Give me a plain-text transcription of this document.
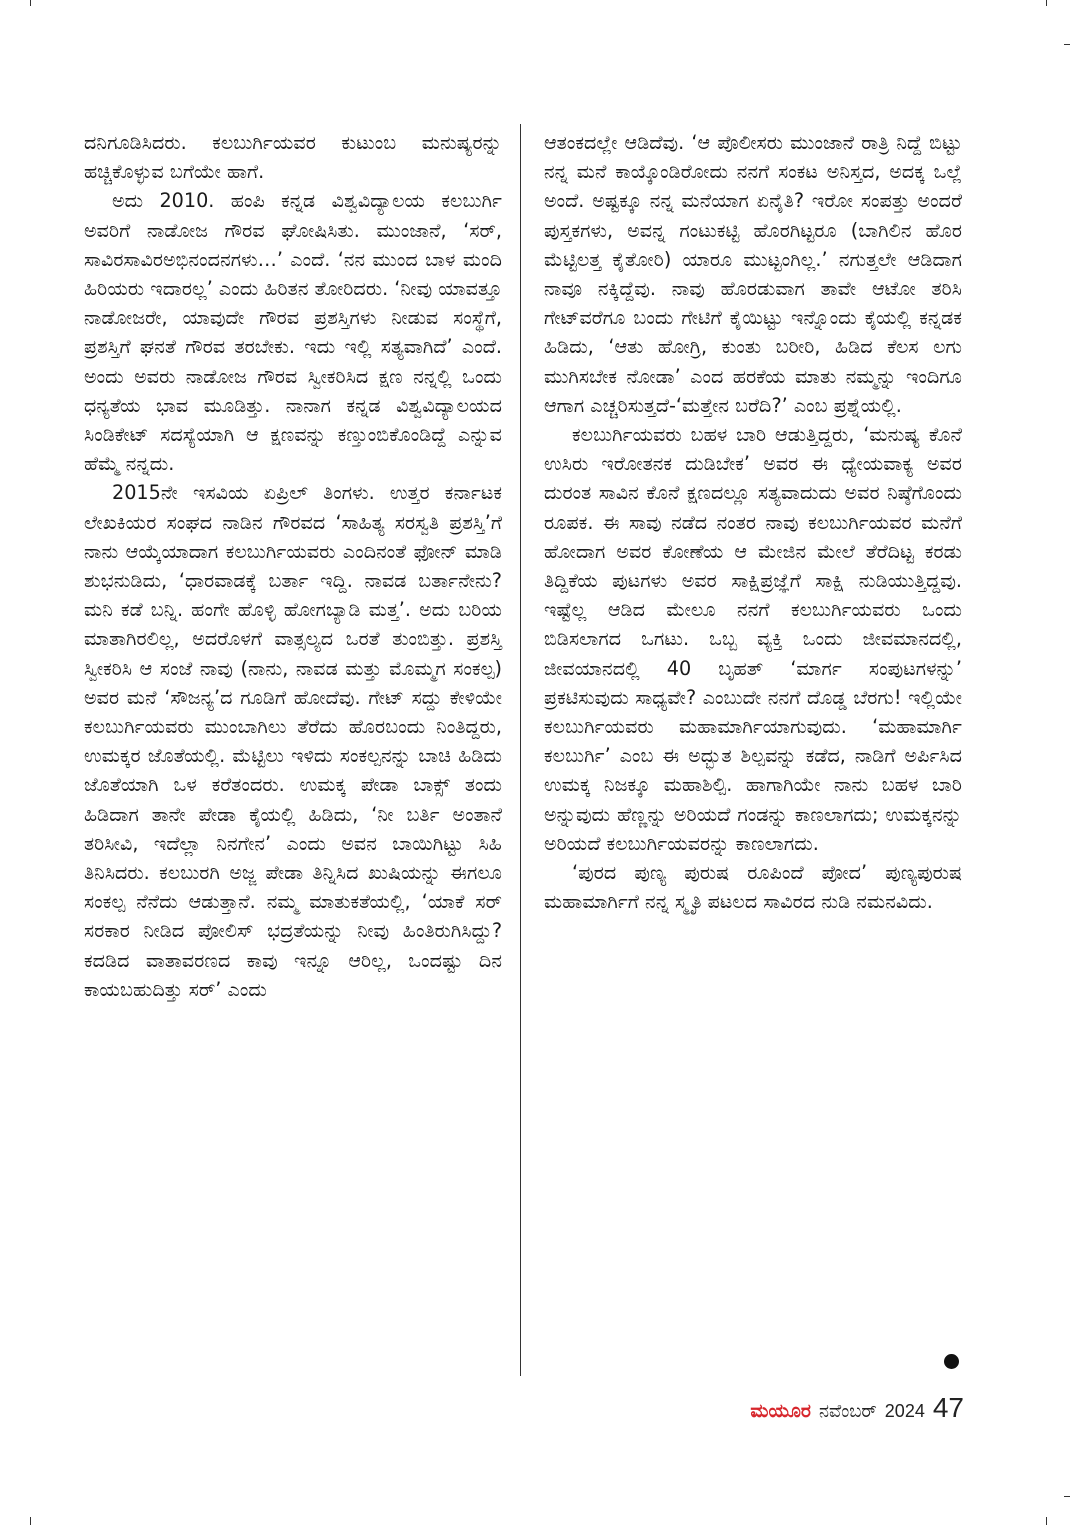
ದನಿಗೂಡಿಸಿದರು. ಕಲಬುರ್ಗಿಯವರ ಕುಟುಂಬ ಮನುಷ್ಯರನ್ನು ಹಚ್ಚಿಕೊಳ್ಳುವ ಬಗೆಯೇ ಹಾಗೆ.

ಅದು 2010. ಹಂಪಿ ಕನ್ನಡ ವಿಶ್ವವಿದ್ಯಾಲಯ ಕಲಬುರ್ಗಿ ಅವರಿಗೆ ನಾಡೋಜ ಗೌರವ ಘೋಷಿಸಿತು. ಮುಂಜಾನೆ, ‘ಸರ್, ಸಾವಿರಸಾವಿರಅಭಿನಂದನಗಳು…’ ಎಂದೆ. ‘ನನ ಮುಂದ ಬಾಳ ಮಂದಿ ಹಿರಿಯರು ಇದಾರಲ್ಲ’ ಎಂದು ಹಿರಿತನ ತೋರಿದರು. ‘ನೀವು ಯಾವತ್ತೂ ನಾಡೋಜರೇ, ಯಾವುದೇ ಗೌರವ ಪ್ರಶಸ್ತಿಗಳು ನೀಡುವ ಸಂಸ್ಥೆಗೆ, ಪ್ರಶಸ್ತಿಗೆ ಘನತೆ ಗೌರವ ತರಬೇಕು. ಇದು ಇಲ್ಲಿ ಸತ್ಯವಾಗಿದೆ’ ಎಂದೆ. ಅಂದು ಅವರು ನಾಡೋಜ ಗೌರವ ಸ್ವೀಕರಿಸಿದ ಕ್ಷಣ ನನ್ನಲ್ಲಿ ಒಂದು ಧನ್ಯತೆಯ ಭಾವ ಮೂಡಿತ್ತು. ನಾನಾಗ ಕನ್ನಡ ವಿಶ್ವವಿದ್ಯಾಲಯದ ಸಿಂಡಿಕೇಟ್ ಸದಸ್ಯೆಯಾಗಿ ಆ ಕ್ಷಣವನ್ನು ಕಣ್ತುಂಬಿಕೊಂಡಿದ್ದೆ ಎನ್ನುವ ಹೆಮ್ಮೆ ನನ್ನದು.

2015ನೇ ಇಸವಿಯ ಏಪ್ರಿಲ್ ತಿಂಗಳು. ಉತ್ತರ ಕರ್ನಾಟಕ ಲೇಖಕಿಯರ ಸಂಘದ ನಾಡಿನ ಗೌರವದ ‘ಸಾಹಿತ್ಯ ಸರಸ್ವತಿ ಪ್ರಶಸ್ತಿ’ಗೆ ನಾನು ಆಯ್ಕೆಯಾದಾಗ ಕಲಬುರ್ಗಿಯವರು ಎಂದಿನಂತೆ ಫೋನ್ ಮಾಡಿ ಶುಭನುಡಿದು, ‘ಧಾರವಾಡಕ್ಕೆ ಬರ್ತಾ ಇದ್ದಿ. ನಾವಡ ಬರ್ತಾನೇನು? ಮನಿ ಕಡೆ ಬನ್ನಿ. ಹಂಗೇ ಹೊಳ್ಳಿ ಹೋಗಬ್ಯಾಡಿ ಮತ್ತ’. ಅದು ಬರಿಯ ಮಾತಾಗಿರಲಿಲ್ಲ, ಅದರೊಳಗೆ ವಾತ್ಸಲ್ಯದ ಒರತೆ ತುಂಬಿತ್ತು. ಪ್ರಶಸ್ತಿ ಸ್ವೀಕರಿಸಿ ಆ ಸಂಜೆ ನಾವು (ನಾನು, ನಾವಡ ಮತ್ತು ಮೊಮ್ಮಗ ಸಂಕಲ್ಪ) ಅವರ ಮನೆ ‘ಸೌಜನ್ಯ’ದ ಗೂಡಿಗೆ ಹೋದೆವು. ಗೇಟ್ ಸದ್ದು ಕೇಳಿಯೇ ಕಲಬುರ್ಗಿಯವರು ಮುಂಬಾಗಿಲು ತೆರೆದು ಹೊರಬಂದು ನಿಂತಿದ್ದರು, ಉಮಕ್ಕರ ಜೊತೆಯಲ್ಲಿ. ಮೆಟ್ಟಿಲು ಇಳಿದು ಸಂಕಲ್ಪನನ್ನು ಬಾಚಿ ಹಿಡಿದು ಜೊತೆಯಾಗಿ ಒಳ ಕರೆತಂದರು. ಉಮಕ್ಕ ಪೇಡಾ ಬಾಕ್ಸ್ ತಂದು ಹಿಡಿದಾಗ ತಾನೇ ಪೇಡಾ ಕೈಯಲ್ಲಿ ಹಿಡಿದು, ‘ನೀ ಬರ್ತಿ ಅಂತಾನೆ ತರಿಸೀವಿ, ಇದೆಲ್ಲಾ ನಿನಗೇನ’ ಎಂದು ಅವನ ಬಾಯಿಗಿಟ್ಟು ಸಿಹಿ ತಿನಿಸಿದರು. ಕಲಬುರಗಿ ಅಜ್ಜ ಪೇಡಾ ತಿನ್ನಿಸಿದ ಖುಷಿಯನ್ನು ಈಗಲೂ ಸಂಕಲ್ಪ ನೆನೆದು ಆಡುತ್ತಾನೆ. ನಮ್ಮ ಮಾತುಕತೆಯಲ್ಲಿ, ‘ಯಾಕೆ ಸರ್ ಸರಕಾರ ನೀಡಿದ ಪೋಲಿಸ್ ಭದ್ರತೆಯನ್ನು ನೀವು ಹಿಂತಿರುಗಿಸಿದ್ದು? ಕದಡಿದ ವಾತಾವರಣದ ಕಾವು ಇನ್ನೂ ಆರಿಲ್ಲ, ಒಂದಷ್ಟು ದಿನ ಕಾಯಬಹುದಿತ್ತು ಸರ್’ ಎಂದು

ಆತಂಕದಲ್ಲೇ ಆಡಿದೆವು. ‘ಆ ಪೊಲೀಸರು ಮುಂಜಾನೆ ರಾತ್ರಿ ನಿದ್ದೆ ಬಿಟ್ಟು ನನ್ನ ಮನೆ ಕಾಯ್ಕೊಂಡಿರೋದು ನನಗೆ ಸಂಕಟ ಅನಿಸ್ತದ, ಅದಕ್ಕ ಒಲ್ಲೆ ಅಂದೆ. ಅಷ್ಟಕ್ಕೂ ನನ್ನ ಮನೆಯಾಗ ಏನೈತಿ? ಇರೋ ಸಂಪತ್ತು ಅಂದರೆ ಪುಸ್ತಕಗಳು, ಅವನ್ನ ಗಂಟುಕಟ್ಟಿ ಹೊರಗಿಟ್ಟರೂ (ಬಾಗಿಲಿನ ಹೊರ ಮೆಟ್ಟಿಲತ್ತ ಕೈತೋರಿ) ಯಾರೂ ಮುಟ್ಟಂಗಿಲ್ಲ.’ ನಗುತ್ತಲೇ ಆಡಿದಾಗ ನಾವೂ ನಕ್ಕಿದ್ದೆವು. ನಾವು ಹೊರಡುವಾಗ ತಾವೇ ಆಟೋ ತರಿಸಿ ಗೇಟ್‌ವರೆಗೂ ಬಂದು ಗೇಟಿಗೆ ಕೈಯಿಟ್ಟು ಇನ್ನೊಂದು ಕೈಯಲ್ಲಿ ಕನ್ನಡಕ ಹಿಡಿದು, ‘ಆತು ಹೋಗ್ರಿ, ಕುಂತು ಬರೀರಿ, ಹಿಡಿದ ಕೆಲಸ ಲಗು ಮುಗಿಸಬೇಕ ನೋಡಾ’ ಎಂದ ಹರಕೆಯ ಮಾತು ನಮ್ಮನ್ನು ಇಂದಿಗೂ ಆಗಾಗ ಎಚ್ಚರಿಸುತ್ತದೆ-‘ಮತ್ತೇನ ಬರೆದಿ?’ ಎಂಬ ಪ್ರಶ್ನೆಯಲ್ಲಿ.

ಕಲಬುರ್ಗಿಯವರು ಬಹಳ ಬಾರಿ ಆಡುತ್ತಿದ್ದರು, ‘ಮನುಷ್ಯ ಕೊನೆ ಉಸಿರು ಇರೋತನಕ ದುಡಿಬೇಕ’ ಅವರ ಈ ಧ್ಯೇಯವಾಕ್ಯ ಅವರ ದುರಂತ ಸಾವಿನ ಕೊನೆ ಕ್ಷಣದಲ್ಲೂ ಸತ್ಯವಾದುದು ಅವರ ನಿಷ್ಠೆಗೊಂದು ರೂಪಕ. ಈ ಸಾವು ನಡೆದ ನಂತರ ನಾವು ಕಲಬುರ್ಗಿಯವರ ಮನೆಗೆ ಹೋದಾಗ ಅವರ ಕೋಣೆಯ ಆ ಮೇಜಿನ ಮೇಲೆ ತೆರೆದಿಟ್ಟ ಕರಡು ತಿದ್ದಿಕೆಯ ಪುಟಗಳು ಅವರ ಸಾಕ್ಷಿಪ್ರಜ್ಞೆಗೆ ಸಾಕ್ಷಿ ನುಡಿಯುತ್ತಿದ್ದವು. ಇಷ್ಟೆಲ್ಲ ಆಡಿದ ಮೇಲೂ ನನಗೆ ಕಲಬುರ್ಗಿಯವರು ಒಂದು ಬಿಡಿಸಲಾಗದ ಒಗಟು. ಒಬ್ಬ ವ್ಯಕ್ತಿ ಒಂದು ಜೀವಮಾನದಲ್ಲಿ, ಜೀವಯಾನದಲ್ಲಿ 40 ಬೃಹತ್ ‘ಮಾರ್ಗ ಸಂಪುಟಗಳನ್ನು’ ಪ್ರಕಟಿಸುವುದು ಸಾಧ್ಯವೇ? ಎಂಬುದೇ ನನಗೆ ದೊಡ್ಡ ಬೆರಗು! ಇಲ್ಲಿಯೇ ಕಲಬುರ್ಗಿಯವರು ಮಹಾಮಾರ್ಗಿಯಾಗುವುದು. ‘ಮಹಾಮಾರ್ಗಿ ಕಲಬುರ್ಗಿ’ ಎಂಬ ಈ ಅದ್ಭುತ ಶಿಲ್ಪವನ್ನು ಕಡೆದ, ನಾಡಿಗೆ ಅರ್ಪಿಸಿದ ಉಮಕ್ಕ ನಿಜಕ್ಕೂ ಮಹಾಶಿಲ್ಪಿ. ಹಾಗಾಗಿಯೇ ನಾನು ಬಹಳ ಬಾರಿ ಅನ್ನುವುದು ಹೆಣ್ಣನ್ನು ಅರಿಯದೆ ಗಂಡನ್ನು ಕಾಣಲಾಗದು; ಉಮಕ್ಕನನ್ನು ಅರಿಯದೆ ಕಲಬುರ್ಗಿಯವರನ್ನು ಕಾಣಲಾಗದು.

‘ಪುರದ ಪುಣ್ಯ ಪುರುಷ ರೂಪಿಂದೆ ಪೋದ’ ಪುಣ್ಯಪುರುಷ ಮಹಾಮಾರ್ಗಿಗೆ ನನ್ನ ಸ್ಮೃತಿ ಪಟಲದ ಸಾವಿರದ ನುಡಿ ನಮನವಿದು.

ಮಯೂರ ನವೆಂಬರ್ 2024 47
